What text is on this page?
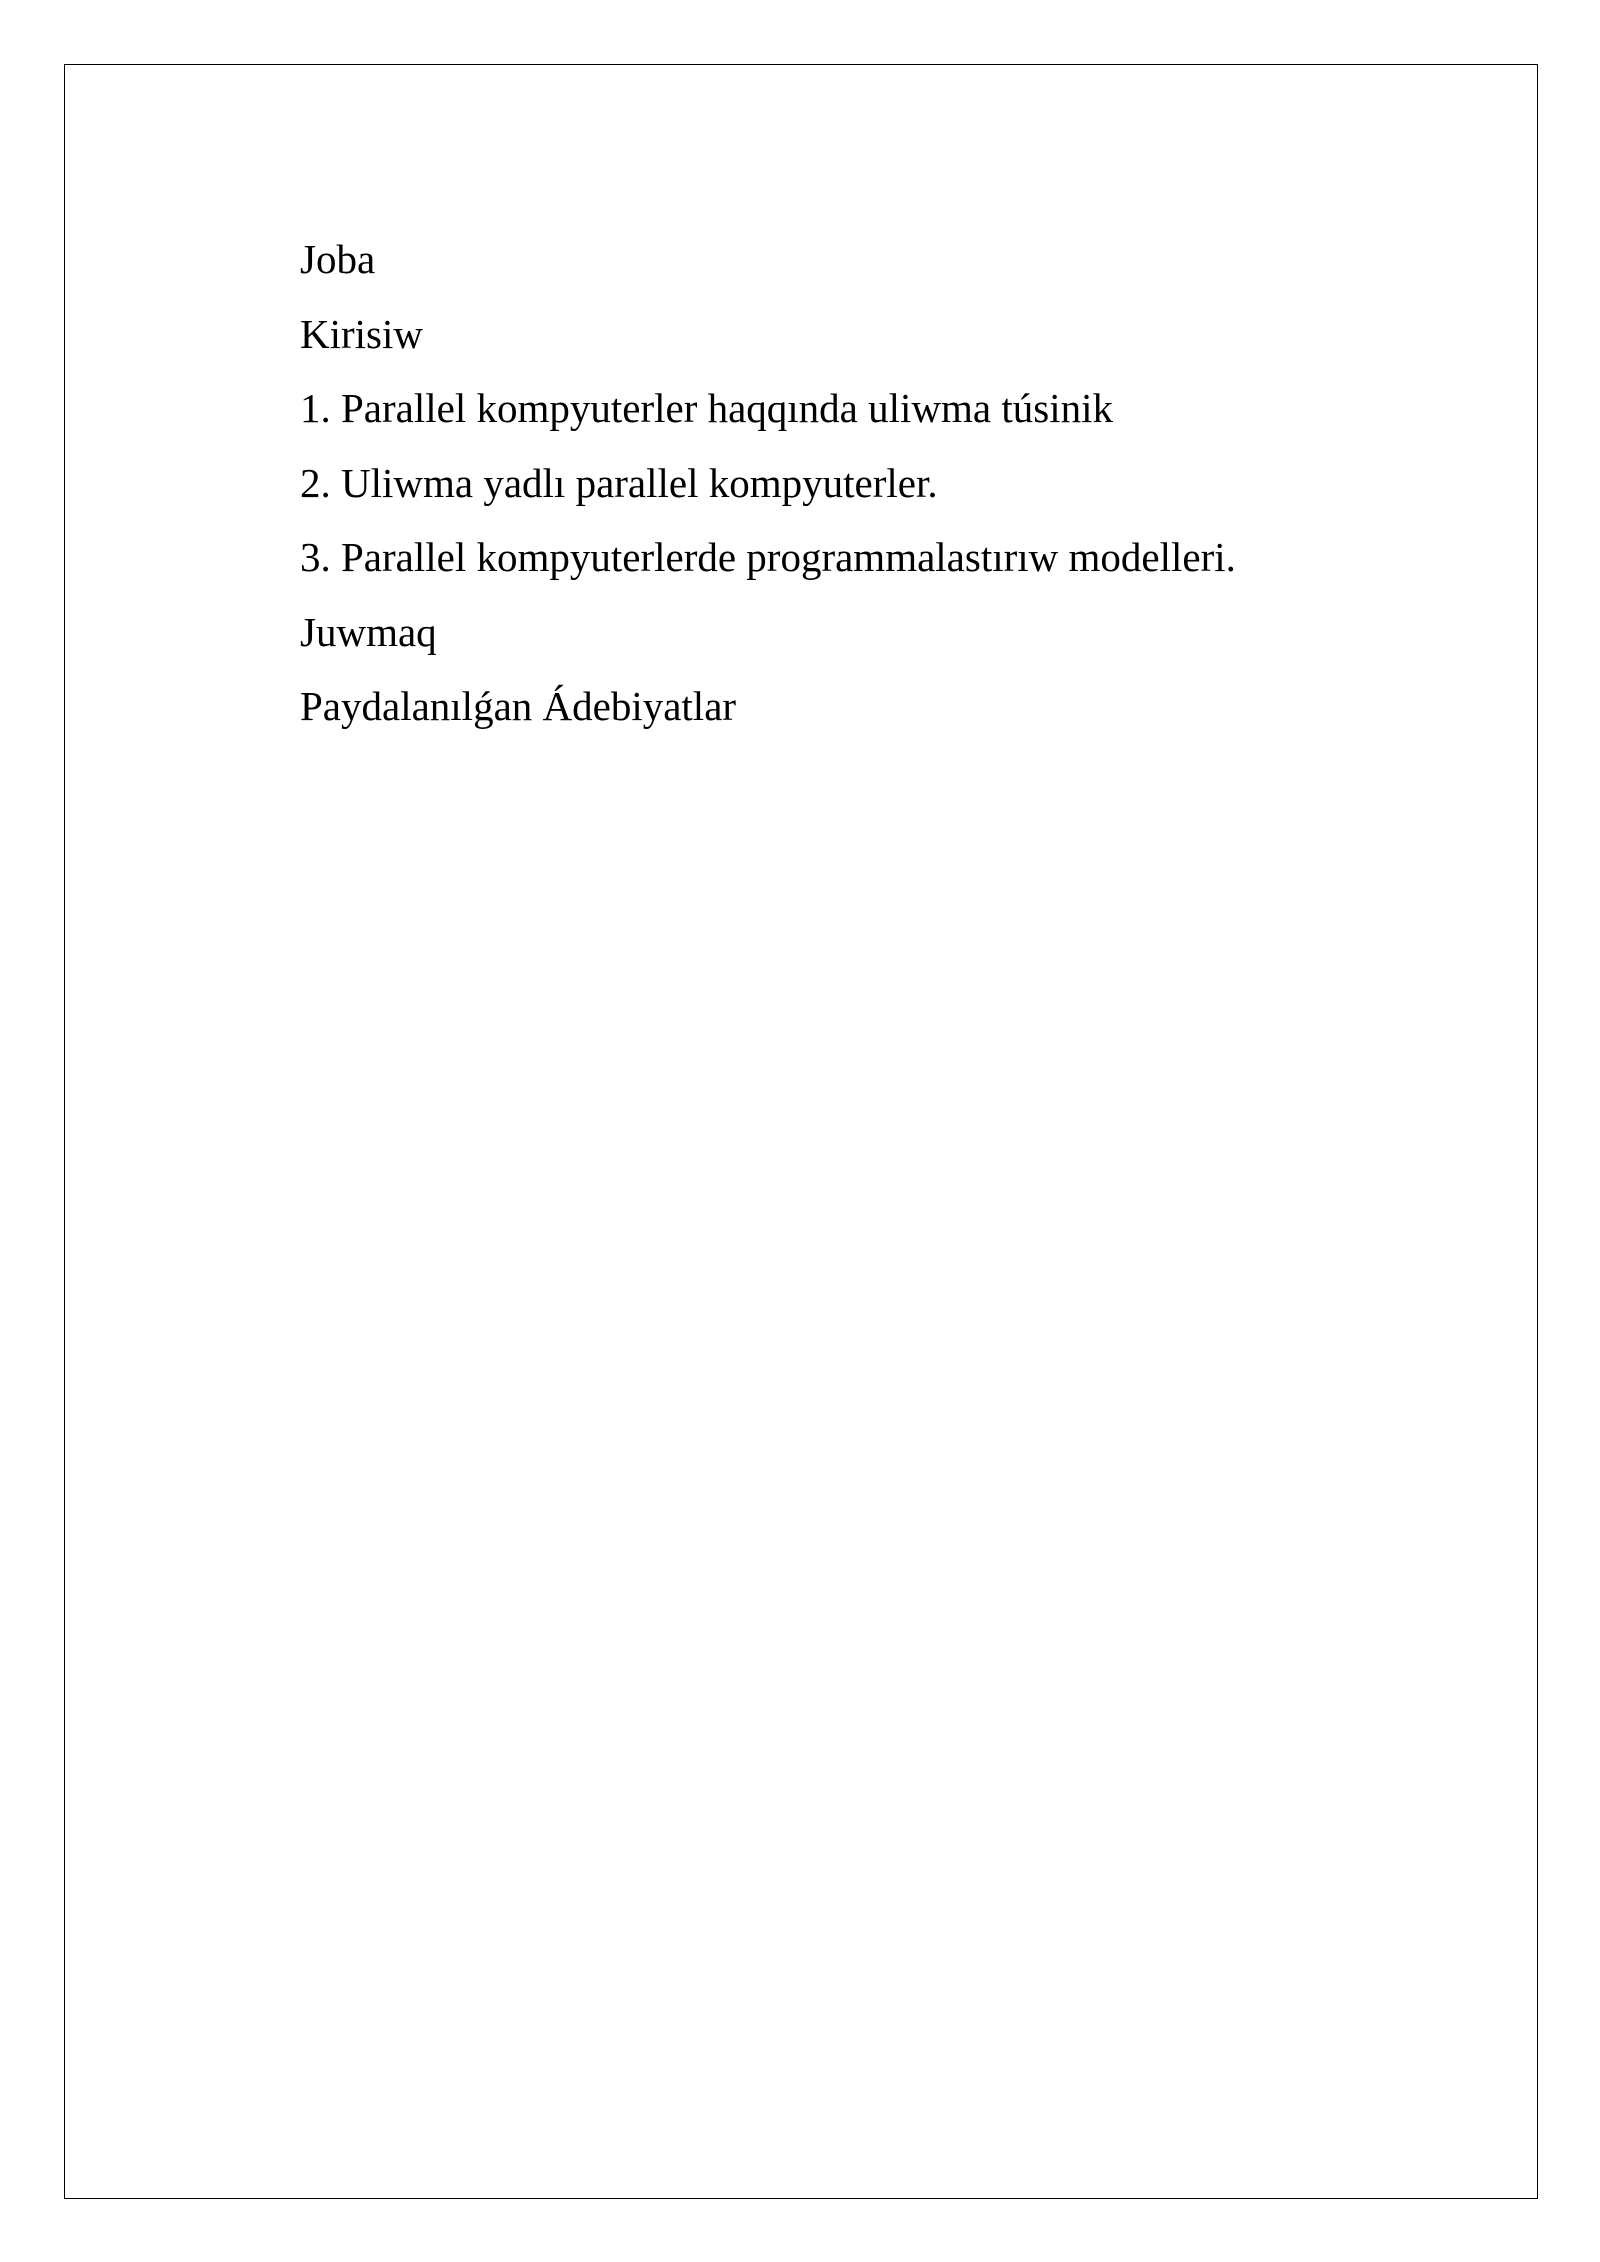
Joba
Kirisiw
1. Parallel kompyuterler haqqında uliwma túsinik
2. Uliwma yadlı parallel kompyuterler.
3. Parallel kompyuterlerde programmalastırıw modelleri.
Juwmaq
Paydalanılǵan Ádebiyatlar
